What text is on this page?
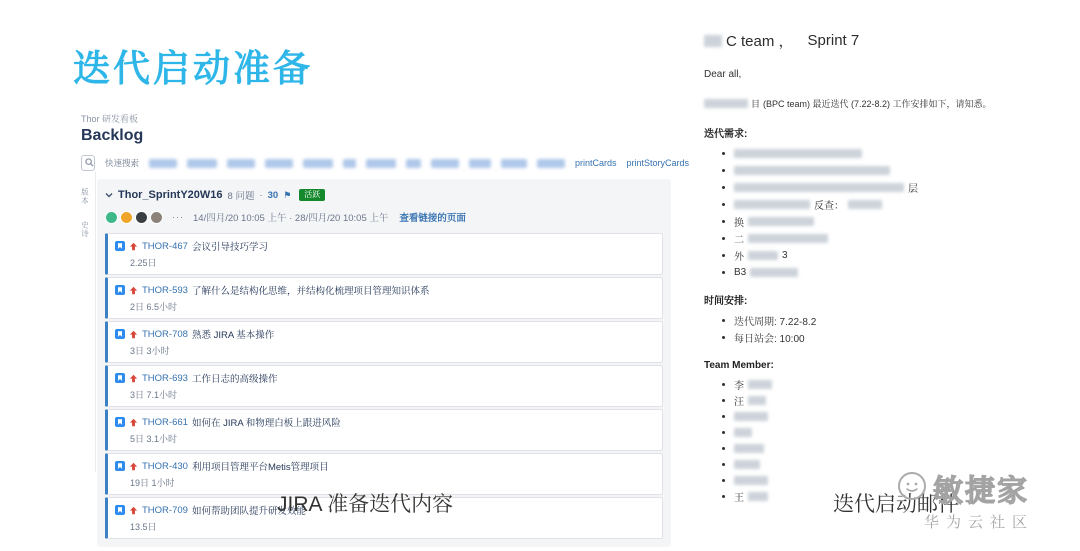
迭代启动准备
Thor 研发看板
Backlog
快速搜索	printCards printStoryCards
版本
史诗
Thor_SprintY20W16 8 问题 · 30 ⚑	活跃
··· 14/四月/20 10:05 上午 · 28/四月/20 10:05 上午 查看链接的页面
THOR-467 会议引导技巧学习
2.25日
THOR-593 了解什么是结构化思维，并结构化梳理项目管理知识体系
2日 6.5小时
THOR-708 熟悉 JIRA 基本操作
3日 3小时
THOR-693 工作日志的高级操作
3日 7.1小时
THOR-661 如何在 JIRA 和物理白板上跟进风险
5日 3.1小时
THOR-430 利用项目管理平台Metis管理项目
19日 1小时
THOR-709 如何帮助团队提升研发效能
13.5日
C team ， Sprint 7
Dear all,
目 (BPC team) 最近迭代 (7.22-8.2) 工作安排如下，请知悉。
迭代需求:
层
反查：
换
二
外	3
B3
时间安排:
迭代周期: 7.22-8.2
每日站会: 10:00
Team Member:
李
汪
王
JIRA 准备迭代内容	迭代启动邮件
敏捷家
华为云社区
